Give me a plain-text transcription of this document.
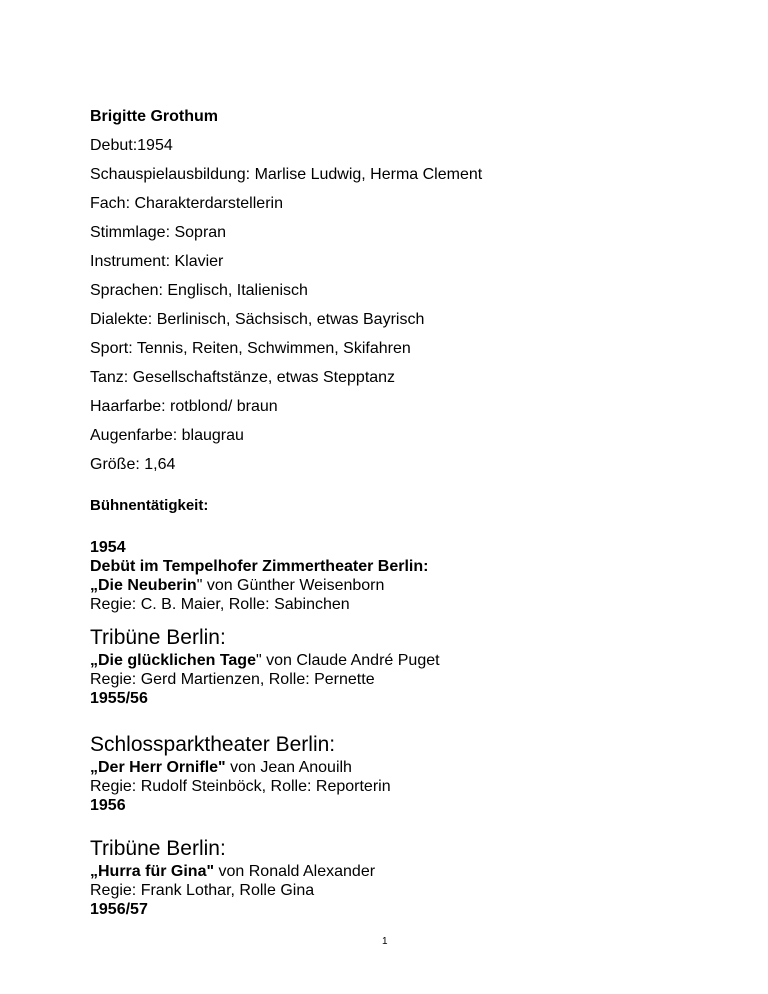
Brigitte Grothum
Debut:1954
Schauspielausbildung: Marlise Ludwig, Herma Clement
Fach: Charakterdarstellerin
Stimmlage: Sopran
Instrument: Klavier
Sprachen: Englisch, Italienisch
Dialekte: Berlinisch, Sächsisch, etwas Bayrisch
Sport: Tennis, Reiten, Schwimmen, Skifahren
Tanz: Gesellschaftstänze, etwas Stepptanz
Haarfarbe: rotblond/ braun
Augenfarbe: blaugrau
Größe: 1,64
Bühnentätigkeit:
1954
Debüt im Tempelhofer Zimmertheater Berlin:
„Die Neuberin" von Günther Weisenborn
Regie: C. B. Maier, Rolle: Sabinchen
Tribüne Berlin:
„Die glücklichen Tage" von Claude André Puget
Regie: Gerd Martienzen, Rolle: Pernette
1955/56
Schlossparktheater Berlin:
„Der Herr Ornifle" von Jean Anouilh
Regie: Rudolf Steinböck, Rolle: Reporterin
1956
Tribüne Berlin:
„Hurra für Gina" von Ronald Alexander
Regie: Frank Lothar, Rolle Gina
1956/57
1
